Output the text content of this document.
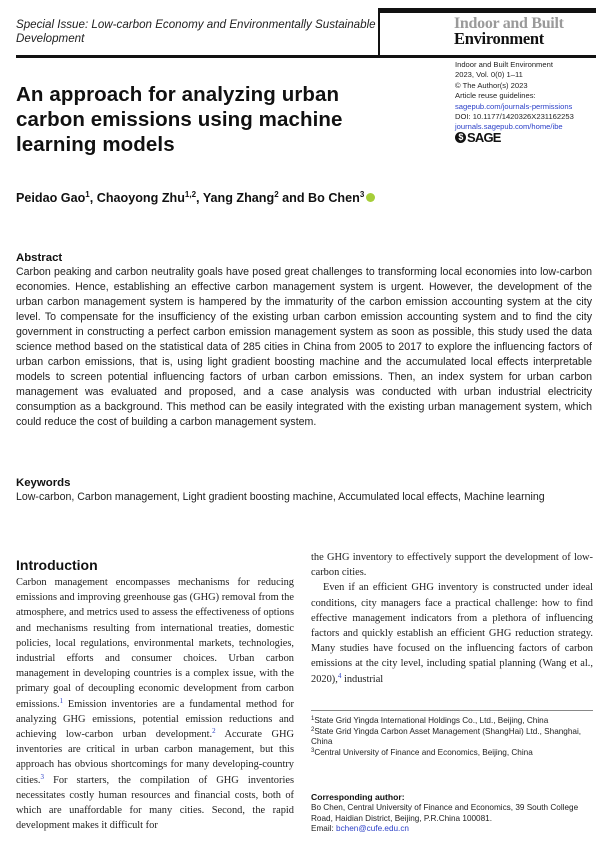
Special Issue: Low-carbon Economy and Environmentally Sustainable Development
Indoor and Built
Environment
Indoor and Built Environment
2023, Vol. 0(0) 1–11
© The Author(s) 2023
Article reuse guidelines:
sagepub.com/journals-permissions
DOI: 10.1177/1420326X231162253
journals.sagepub.com/home/ibe
$ SAGE
An approach for analyzing urban carbon emissions using machine learning models
Peidao Gao$^1$, Chaoyong Zhu$^{1,2}$, Yang Zhang$^2$ and Bo Chen$^3$
Abstract
Carbon peaking and carbon neutrality goals have posed great challenges to transforming local economies into low-carbon economies. Hence, establishing an effective carbon management system is urgent. However, the development of the urban carbon management system is hampered by the immaturity of the carbon emission accounting system at the city level. To compensate for the insufficiency of the existing urban carbon emission accounting system and to find the city government in constructing a perfect carbon emission management system as soon as possible, this study used the data science method based on the statistical data of 285 cities in China from 2005 to 2017 to explore the influencing factors of urban carbon emissions, that is, using light gradient boosting machine and the accumulated local effects interpretable models to screen potential influencing factors of urban carbon emissions. Then, an index system for urban carbon management was evaluated and proposed, and a case analysis was conducted with urban industrial electricity consumption as a background. This method can be easily integrated with the existing urban management system, which could reduce the cost of building a carbon management system.
Keywords
Low-carbon, Carbon management, Light gradient boosting machine, Accumulated local effects, Machine learning
Introduction

Carbon management encompasses mechanisms for reducing emissions and improving greenhouse gas (GHG) removal from the atmosphere, and metrics used to assess the effectiveness of options and mechanisms resulting from international treaties, domestic policies, local regulations, environmental markets, technologies, industrial efforts and consumer choices. Urban carbon management in developing countries is a complex issue, with the primary goal of decoupling economic development from carbon emissions.$^1$ Emission inventories are a fundamental method for analyzing GHG emissions, potential emission reductions and achieving low-carbon urban development.$^2$ Accurate GHG inventories are critical in urban carbon management, but this approach has obvious shortcomings for many developing-country cities.$^3$ For starters, the compilation of GHG inventories necessitates costly human resources and financial costs, both of which are unaffordable for many cities. Second, the rapid development makes it difficult for

the GHG inventory to effectively support the development of low-carbon cities.

Even if an efficient GHG inventory is constructed under ideal conditions, city managers face a practical challenge: how to find effective management indicators from a plethora of influencing factors and quickly establish an efficient GHG reduction strategy. Many studies have focused on the influencing factors of carbon emissions at the city level, including spatial planning (Wang et al., 2020),$^4$ industrial

$^1$State Grid Yingda International Holdings Co., Ltd., Beijing, China
$^2$State Grid Yingda Carbon Asset Management (ShangHai) Ltd., Shanghai, China
$^3$Central University of Finance and Economics, Beijing, China
Corresponding author:
Bo Chen, Central University of Finance and Economics, 39 South College Road, Haidian District, Beijing, P.R.China 100081.
Email: bchen@cufe.edu.cn
